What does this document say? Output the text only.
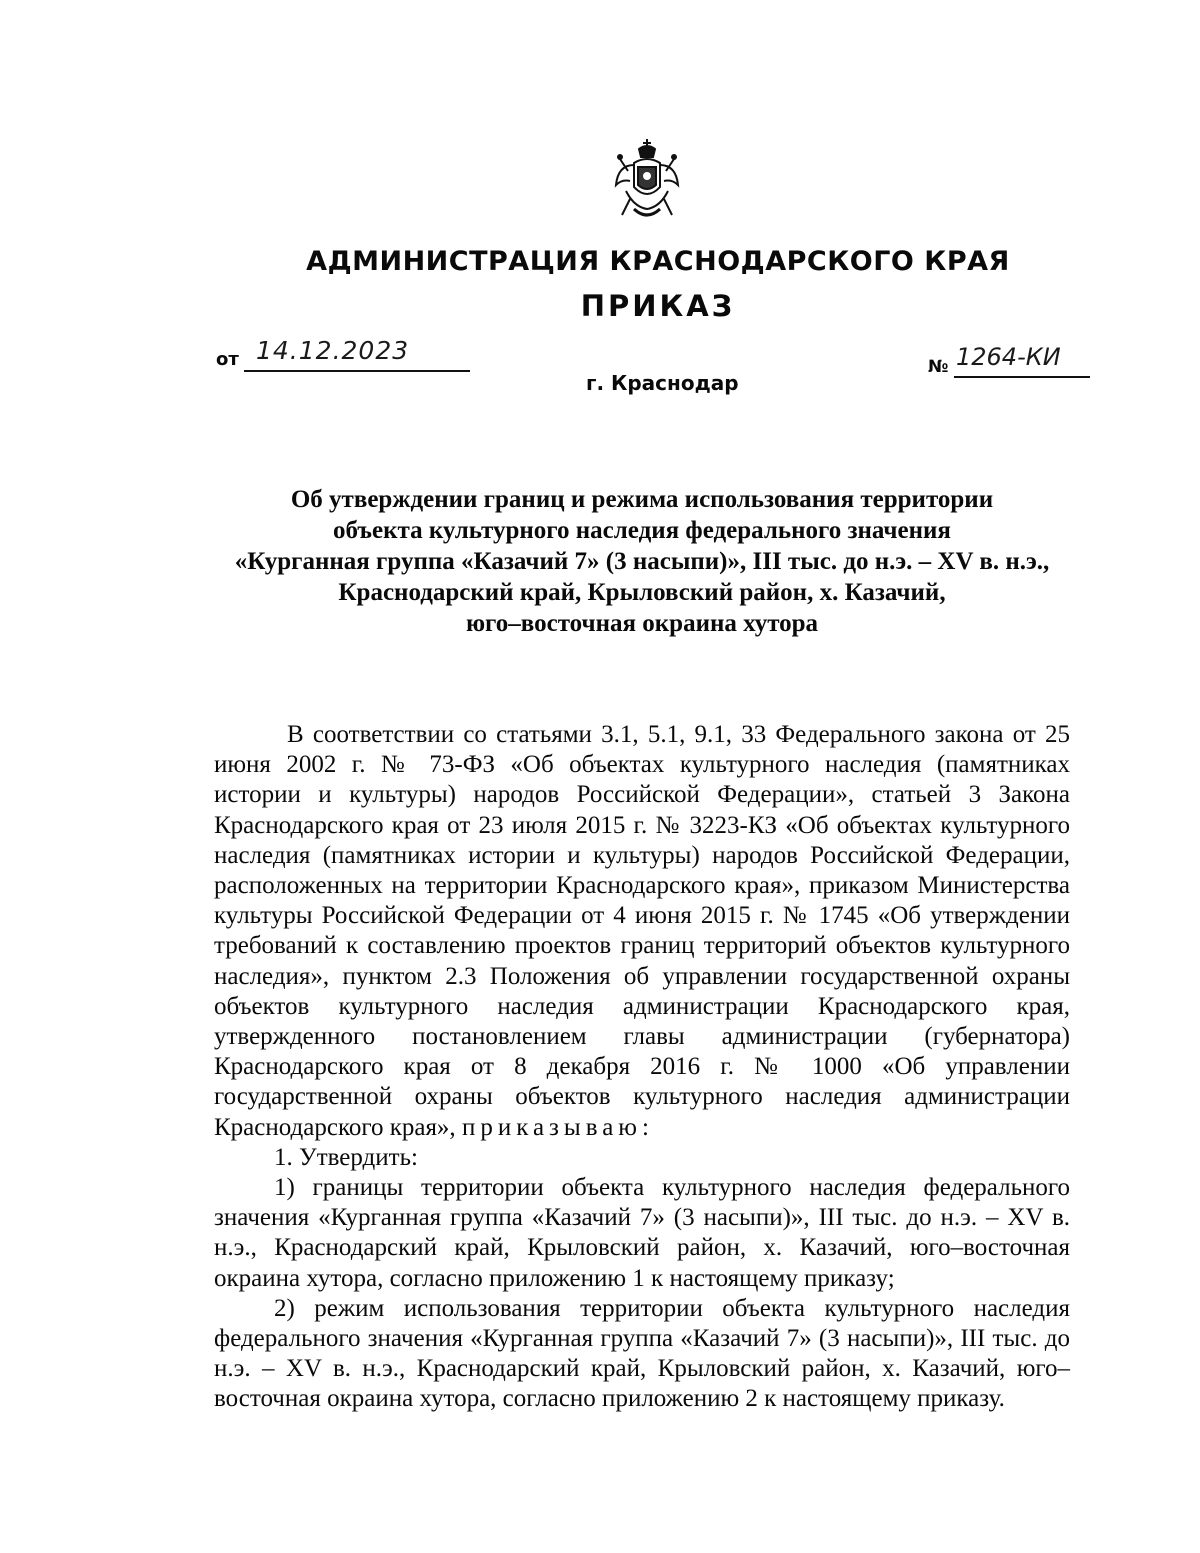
АДМИНИСТРАЦИЯ КРАСНОДАРСКОГО КРАЯ
ПРИКАЗ
от 14.12.2023
№ 1264-КИ
г. Краснодар
Об утверждении границ и режима использования территории
объекта культурного наследия федерального значения
«Курганная группа «Казачий 7» (3 насыпи)», III тыс. до н.э. – XV в. н.э.,
Краснодарский край, Крыловский район, х. Казачий,
юго–восточная окраина хутора

В соответствии со статьями 3.1, 5.1, 9.1, 33 Федерального закона от 25 июня 2002 г. № 73-ФЗ «Об объектах культурного наследия (памятниках истории и культуры) народов Российской Федерации», статьей 3 Закона Краснодарского края от 23 июля 2015 г. № 3223-КЗ «Об объектах культурного наследия (памятниках истории и культуры) народов Российской Федерации, расположенных на территории Краснодарского края», приказом Министерства культуры Российской Федерации от 4 июня 2015 г. № 1745 «Об утверждении требований к составлению проектов границ территорий объектов культурного наследия», пунктом 2.3 Положения об управлении государственной охраны объектов культурного наследия администрации Краснодарского края, утвержденного постановлением главы администрации (губернатора) Краснодарского края от 8 декабря 2016 г. № 1000 «Об управлении государственной охраны объектов культурного наследия администрации Краснодарского края», приказываю:

1. Утвердить:

1) границы территории объекта культурного наследия федерального значения «Курганная группа «Казачий 7» (3 насыпи)», III тыс. до н.э. – XV в. н.э., Краснодарский край, Крыловский район, х. Казачий, юго–восточная окраина хутора, согласно приложению 1 к настоящему приказу;

2) режим использования территории объекта культурного наследия федерального значения «Курганная группа «Казачий 7» (3 насыпи)», III тыс. до н.э. – XV в. н.э., Краснодарский край, Крыловский район, х. Казачий, юго–восточная окраина хутора, согласно приложению 2 к настоящему приказу.
